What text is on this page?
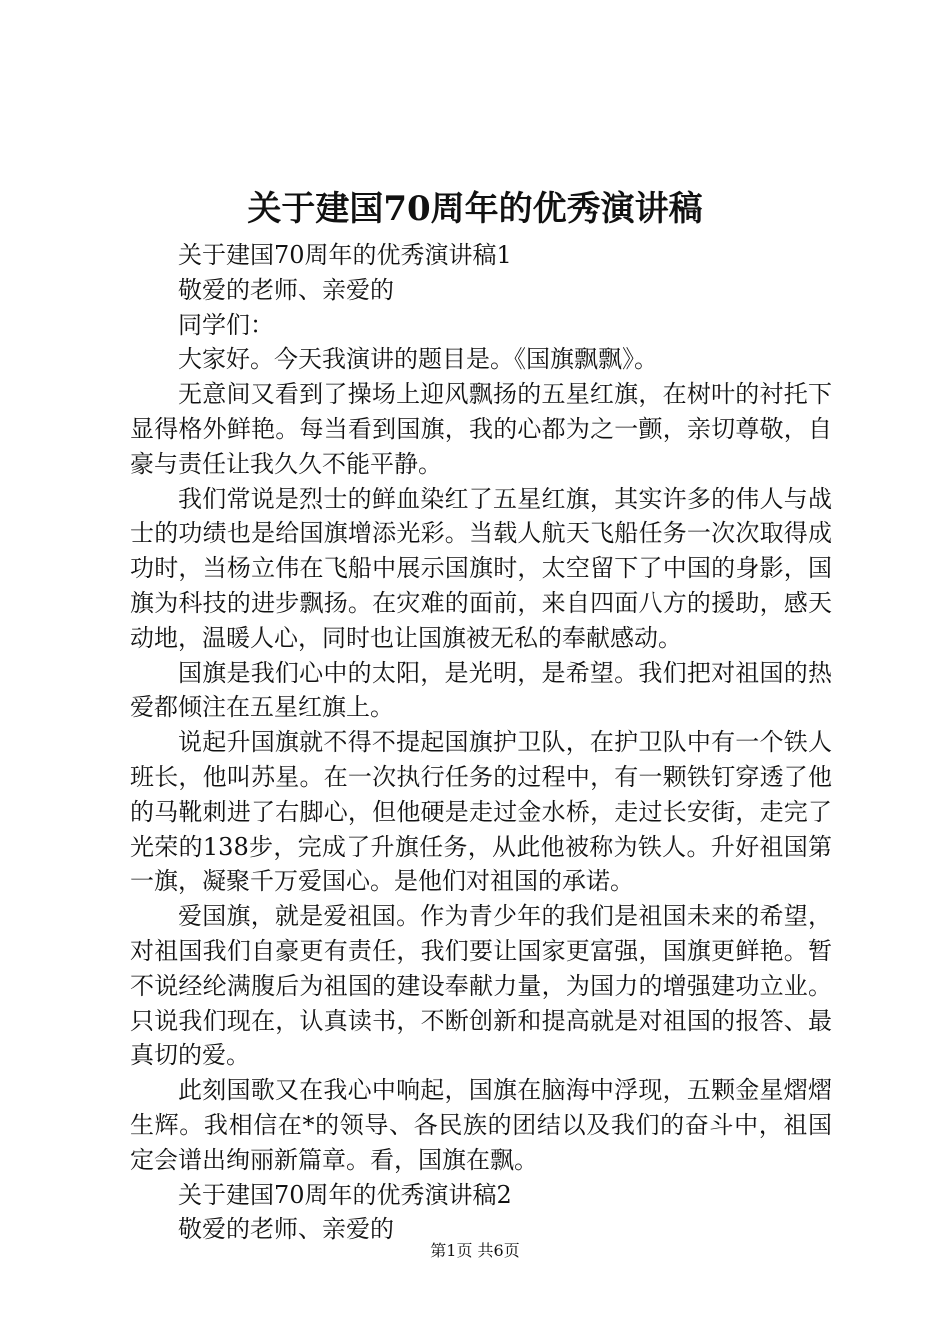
关于建国70周年的优秀演讲稿

关于建国70周年的优秀演讲稿1

敬爱的老师、亲爱的

同学们：

大家好。今天我演讲的题目是。《国旗飘飘》。

无意间又看到了操场上迎风飘扬的五星红旗，在树叶的衬托下显得格外鲜艳。每当看到国旗，我的心都为之一颤，亲切尊敬，自豪与责任让我久久不能平静。

我们常说是烈士的鲜血染红了五星红旗，其实许多的伟人与战士的功绩也是给国旗增添光彩。当载人航天飞船任务一次次取得成功时，当杨立伟在飞船中展示国旗时，太空留下了中国的身影，国旗为科技的进步飘扬。在灾难的面前，来自四面八方的援助，感天动地，温暖人心，同时也让国旗被无私的奉献感动。

国旗是我们心中的太阳，是光明，是希望。我们把对祖国的热爱都倾注在五星红旗上。

说起升国旗就不得不提起国旗护卫队，在护卫队中有一个铁人班长，他叫苏星。在一次执行任务的过程中，有一颗铁钉穿透了他的马靴刺进了右脚心，但他硬是走过金水桥，走过长安街，走完了光荣的138步，完成了升旗任务，从此他被称为铁人。升好祖国第一旗，凝聚千万爱国心。是他们对祖国的承诺。

爱国旗，就是爱祖国。作为青少年的我们是祖国未来的希望，对祖国我们自豪更有责任，我们要让国家更富强，国旗更鲜艳。暂不说经纶满腹后为祖国的建设奉献力量，为国力的增强建功立业。只说我们现在，认真读书，不断创新和提高就是对祖国的报答、最真切的爱。

此刻国歌又在我心中响起，国旗在脑海中浮现，五颗金星熠熠生辉。我相信在*的领导、各民族的团结以及我们的奋斗中，祖国定会谱出绚丽新篇章。看，国旗在飘。

关于建国70周年的优秀演讲稿2

敬爱的老师、亲爱的

第1页 共6页
